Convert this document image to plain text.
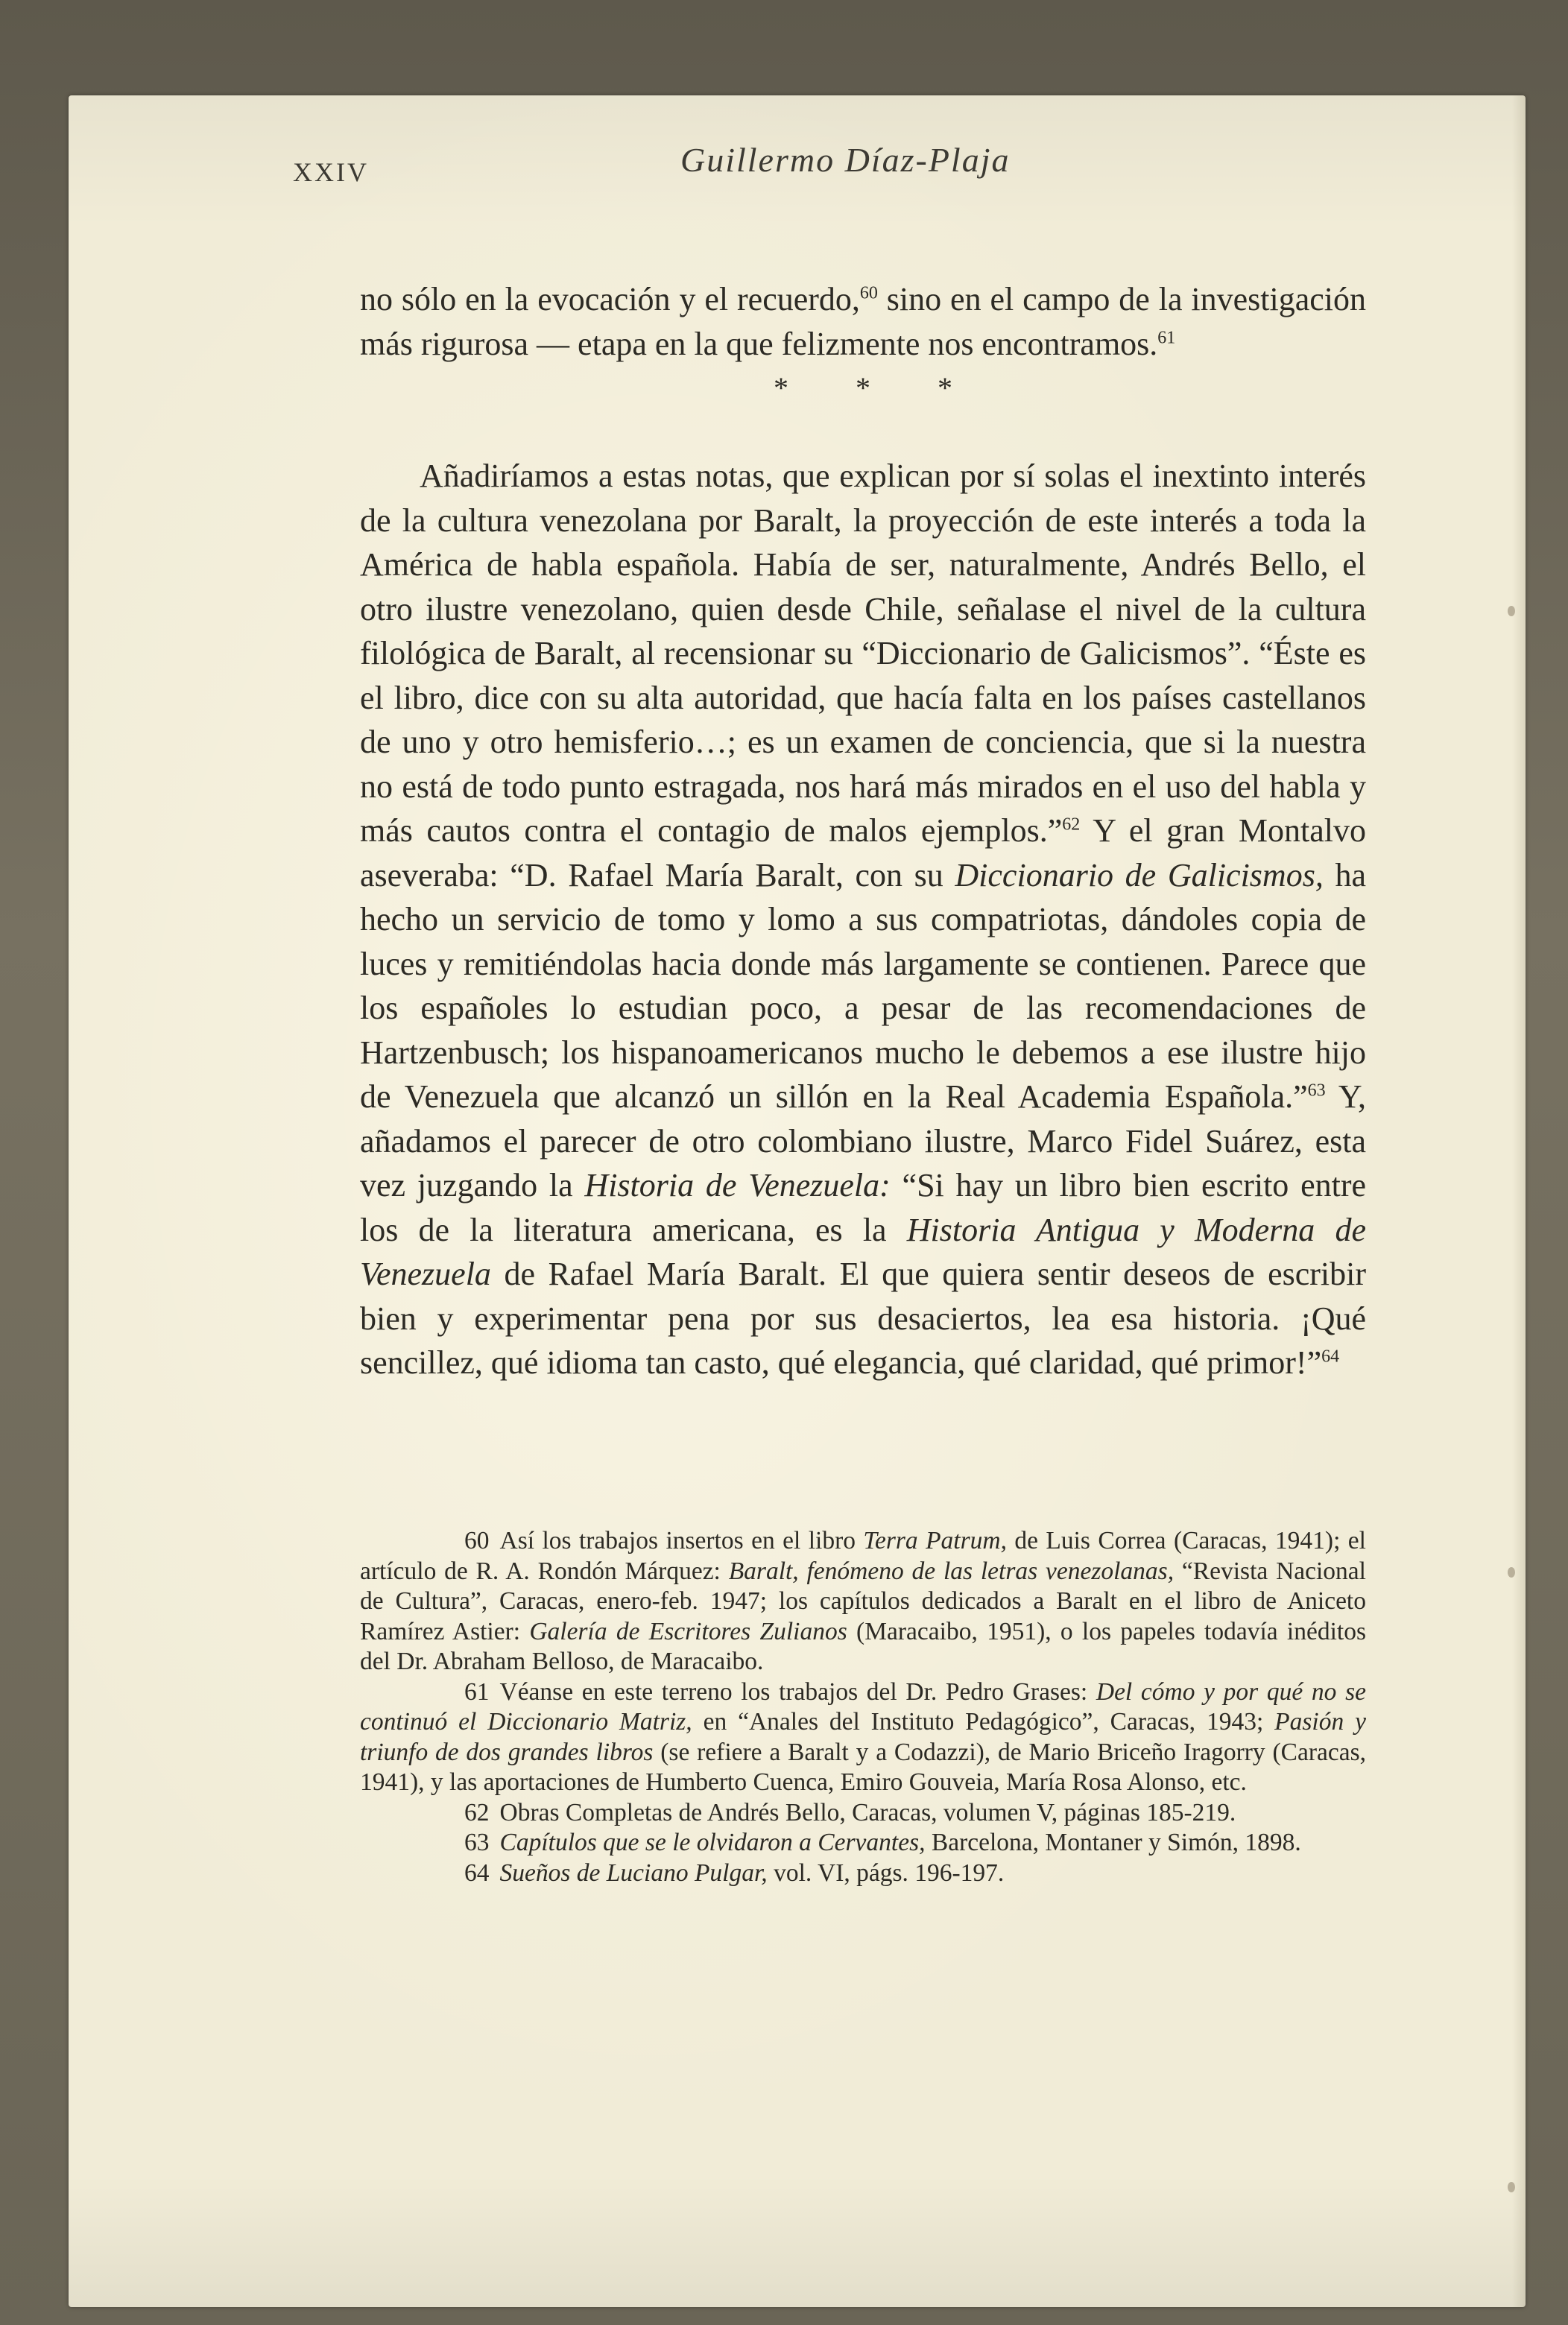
XXIV	Guillermo Díaz-Plaja

no sólo en la evocación y el recuerdo,$^{60}$ sino en el campo de la investigación más rigurosa — etapa en la que felizmente nos encontramos.$^{61}$

* * *

Añadiríamos a estas notas, que explican por sí solas el inextinto interés de la cultura venezolana por Baralt, la proyección de este interés a toda la América de habla española. Había de ser, naturalmente, Andrés Bello, el otro ilustre venezolano, quien desde Chile, señalase el nivel de la cultura filológica de Baralt, al recensionar su “Diccionario de Galicismos”. “Éste es el libro, dice con su alta autoridad, que hacía falta en los países castellanos de uno y otro hemisferio…; es un examen de conciencia, que si la nuestra no está de todo punto estragada, nos hará más mirados en el uso del habla y más cautos contra el contagio de malos ejemplos.”$^{62}$ Y el gran Montalvo aseveraba: “D. Rafael María Baralt, con su Diccionario de Galicismos, ha hecho un servicio de tomo y lomo a sus compatriotas, dándoles copia de luces y remitiéndolas hacia donde más largamente se contienen. Parece que los españoles lo estudian poco, a pesar de las recomendaciones de Hartzenbusch; los hispanoamericanos mucho le debemos a ese ilustre hijo de Venezuela que alcanzó un sillón en la Real Academia Española.”$^{63}$ Y, añadamos el parecer de otro colombiano ilustre, Marco Fidel Suárez, esta vez juzgando la Historia de Venezuela: “Si hay un libro bien escrito entre los de la literatura americana, es la Historia Antigua y Moderna de Venezuela de Rafael María Baralt. El que quiera sentir deseos de escribir bien y experimentar pena por sus desaciertos, lea esa historia. ¡Qué sencillez, qué idioma tan casto, qué elegancia, qué claridad, qué primor!”$^{64}$

60 Así los trabajos insertos en el libro Terra Patrum, de Luis Correa (Caracas, 1941); el artículo de R. A. Rondón Márquez: Baralt, fenómeno de las letras venezolanas, “Revista Nacional de Cultura”, Caracas, enero-feb. 1947; los capítulos dedicados a Baralt en el libro de Aniceto Ramírez Astier: Galería de Escritores Zulianos (Maracaibo, 1951), o los papeles todavía inéditos del Dr. Abraham Belloso, de Maracaibo.

61 Véanse en este terreno los trabajos del Dr. Pedro Grases: Del cómo y por qué no se continuó el Diccionario Matriz, en “Anales del Instituto Pedagógico”, Caracas, 1943; Pasión y triunfo de dos grandes libros (se refiere a Baralt y a Codazzi), de Mario Briceño Iragorry (Caracas, 1941), y las aportaciones de Humberto Cuenca, Emiro Gouveia, María Rosa Alonso, etc.

62 Obras Completas de Andrés Bello, Caracas, volumen V, páginas 185-219.

63 Capítulos que se le olvidaron a Cervantes, Barcelona, Montaner y Simón, 1898.

64 Sueños de Luciano Pulgar, vol. VI, págs. 196-197.
